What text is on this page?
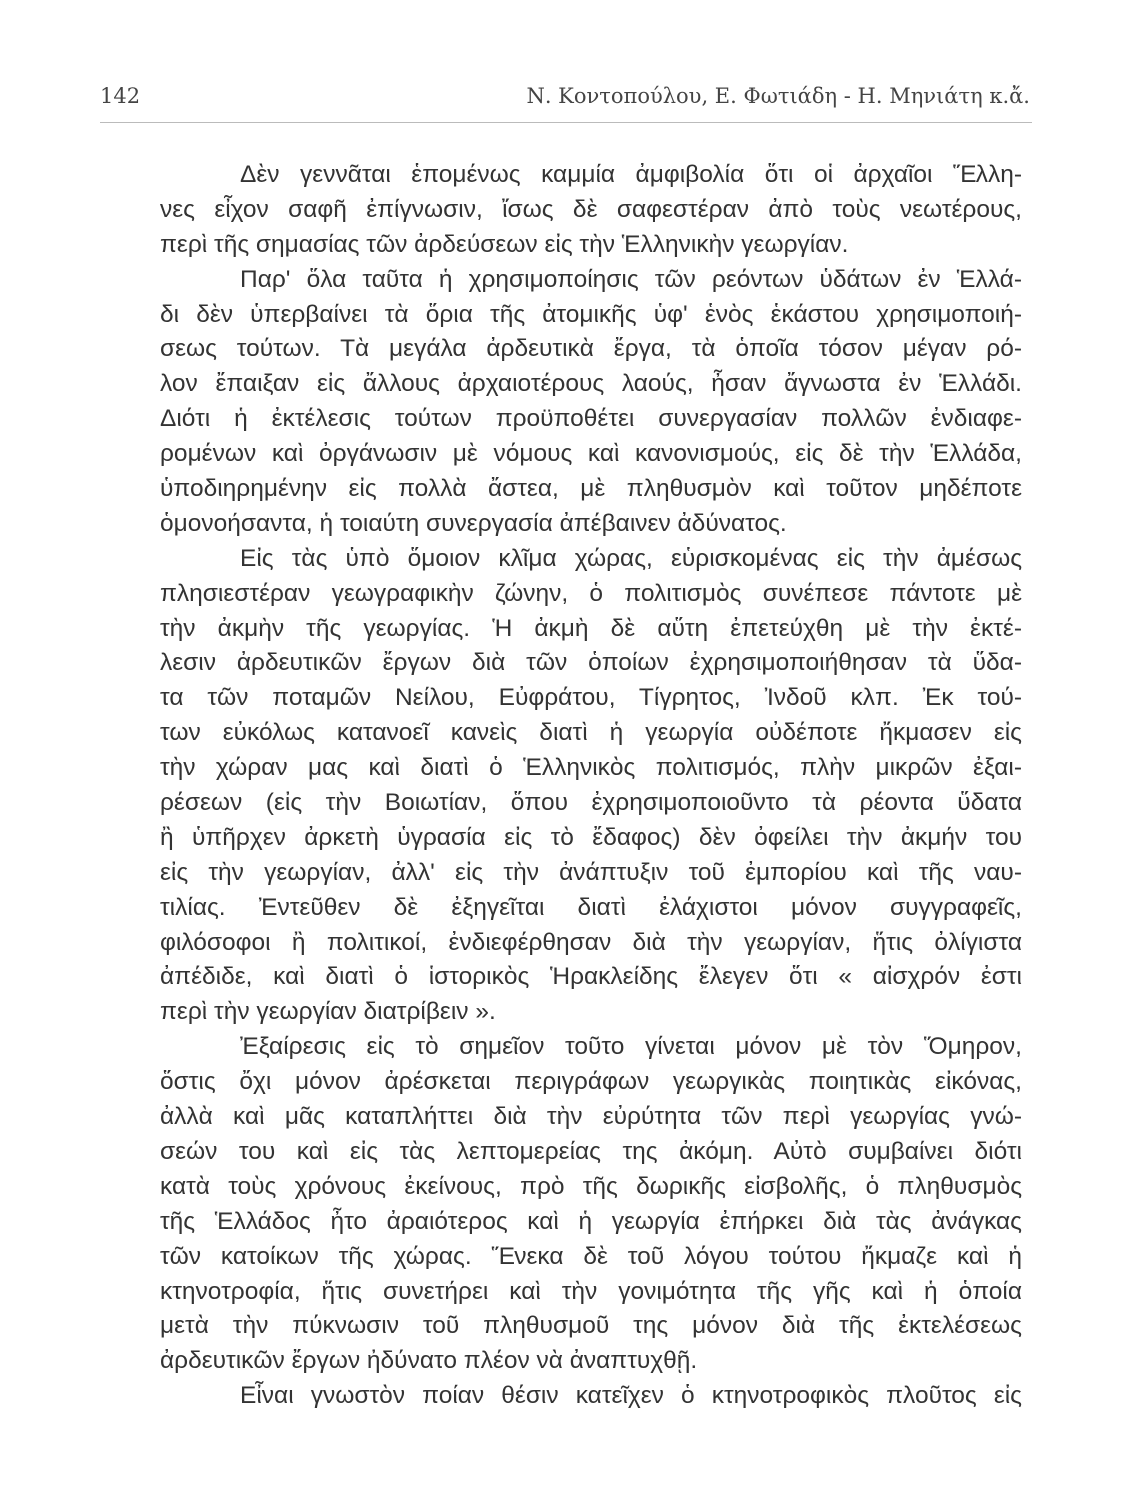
142	Ν. Κοντοπούλου, Ε. Φωτιάδη - Η. Μηνιάτη κ.ἄ.
Δὲν γεννᾶται ἑπομένως καμμία ἀμφιβολία ὅτι οἱ ἀρχαῖοι Ἕλλη-
νες εἶχον σαφῆ ἐπίγνωσιν, ἴσως δὲ σαφεστέραν ἀπὸ τοὺς νεωτέρους,
περὶ τῆς σημασίας τῶν ἀρδεύσεων εἰς τὴν Ἑλληνικὴν γεωργίαν.
Παρ' ὅλα ταῦτα ἡ χρησιμοποίησις τῶν ρεόντων ὑδάτων ἐν Ἑλλά-
δι δὲν ὑπερβαίνει τὰ ὅρια τῆς ἀτομικῆς ὑφ' ἑνὸς ἑκάστου χρησιμοποιή-
σεως τούτων. Τὰ μεγάλα ἀρδευτικὰ ἔργα, τὰ ὁποῖα τόσον μέγαν ρό-
λον ἔπαιξαν εἰς ἄλλους ἀρχαιοτέρους λαούς, ἦσαν ἄγνωστα ἐν Ἑλλάδι.
Διότι ἡ ἐκτέλεσις τούτων προϋποθέτει συνεργασίαν πολλῶν ἐνδιαφε-
ρομένων καὶ ὀργάνωσιν μὲ νόμους καὶ κανονισμούς, εἰς δὲ τὴν Ἑλλάδα,
ὑποδιηρημένην εἰς πολλὰ ἄστεα, μὲ πληθυσμὸν καὶ τοῦτον μηδέποτε
ὁμονοήσαντα, ἡ τοιαύτη συνεργασία ἀπέβαινεν ἀδύνατος.
Εἰς τὰς ὑπὸ ὅμοιον κλῖμα χώρας, εὑρισκομένας εἰς τὴν ἀμέσως
πλησιεστέραν γεωγραφικὴν ζώνην, ὁ πολιτισμὸς συνέπεσε πάντοτε μὲ
τὴν ἀκμὴν τῆς γεωργίας. Ἡ ἀκμὴ δὲ αὕτη ἐπετεύχθη μὲ τὴν ἐκτέ-
λεσιν ἀρδευτικῶν ἔργων διὰ τῶν ὁποίων ἐχρησιμοποιήθησαν τὰ ὕδα-
τα τῶν ποταμῶν Νείλου, Εὐφράτου, Τίγρητος, Ἰνδοῦ κλπ. Ἐκ τού-
των εὐκόλως κατανοεῖ κανεὶς διατὶ ἡ γεωργία οὐδέποτε ἤκμασεν εἰς
τὴν χώραν μας καὶ διατὶ ὁ Ἑλληνικὸς πολιτισμός, πλὴν μικρῶν ἐξαι-
ρέσεων (εἰς τὴν Βοιωτίαν, ὅπου ἐχρησιμοποιοῦντο τὰ ρέοντα ὕδατα
ἢ ὑπῆρχεν ἀρκετὴ ὑγρασία εἰς τὸ ἔδαφος) δὲν ὀφείλει τὴν ἀκμήν του
εἰς τὴν γεωργίαν, ἀλλ' εἰς τὴν ἀνάπτυξιν τοῦ ἐμπορίου καὶ τῆς ναυ-
τιλίας. Ἐντεῦθεν δὲ ἐξηγεῖται διατὶ ἐλάχιστοι μόνον συγγραφεῖς,
φιλόσοφοι ἢ πολιτικοί, ἐνδιεφέρθησαν διὰ τὴν γεωργίαν, ἥτις ὀλίγιστα
ἀπέδιδε, καὶ διατὶ ὁ ἱστορικὸς Ἡρακλείδης ἔλεγεν ὅτι « αἰσχρόν ἐστι
περὶ τὴν γεωργίαν διατρίβειν ».
Ἐξαίρεσις εἰς τὸ σημεῖον τοῦτο γίνεται μόνον μὲ τὸν Ὅμηρον,
ὅστις ὄχι μόνον ἀρέσκεται περιγράφων γεωργικὰς ποιητικὰς εἰκόνας,
ἀλλὰ καὶ μᾶς καταπλήττει διὰ τὴν εὐρύτητα τῶν περὶ γεωργίας γνώ-
σεών του καὶ εἰς τὰς λεπτομερείας της ἀκόμη. Αὐτὸ συμβαίνει διότι
κατὰ τοὺς χρόνους ἐκείνους, πρὸ τῆς δωρικῆς εἰσβολῆς, ὁ πληθυσμὸς
τῆς Ἑλλάδος ἦτο ἀραιότερος καὶ ἡ γεωργία ἐπήρκει διὰ τὰς ἀνάγκας
τῶν κατοίκων τῆς χώρας. Ἕνεκα δὲ τοῦ λόγου τούτου ἤκμαζε καὶ ἡ
κτηνοτροφία, ἥτις συνετήρει καὶ τὴν γονιμότητα τῆς γῆς καὶ ἡ ὁποία
μετὰ τὴν πύκνωσιν τοῦ πληθυσμοῦ της μόνον διὰ τῆς ἐκτελέσεως
ἀρδευτικῶν ἔργων ἠδύνατο πλέον νὰ ἀναπτυχθῇ.
Εἶναι γνωστὸν ποίαν θέσιν κατεῖχεν ὁ κτηνοτροφικὸς πλοῦτος εἰς
